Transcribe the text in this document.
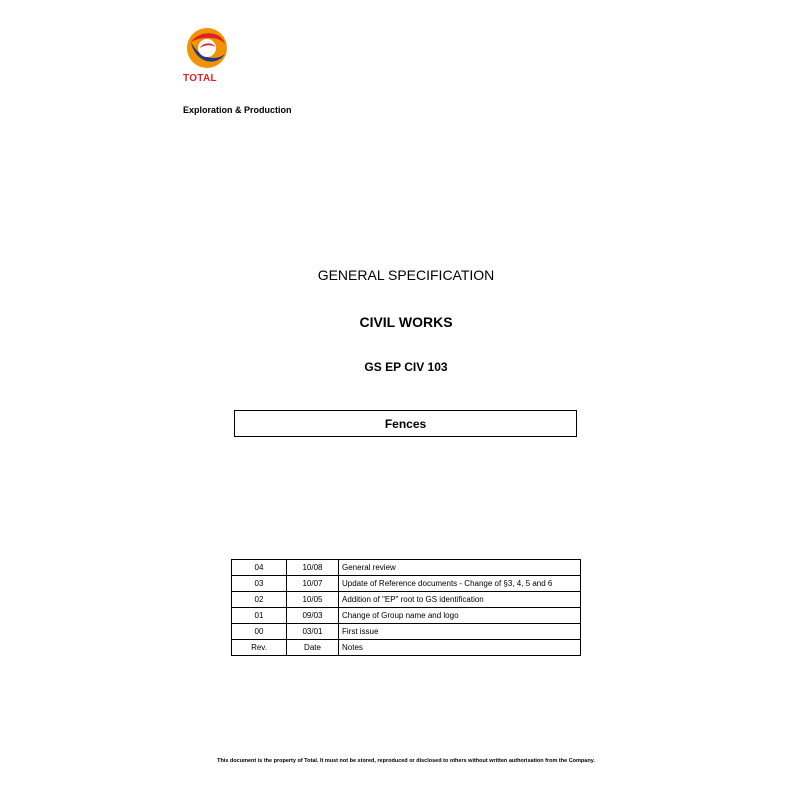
TOTAL
Exploration & Production
GENERAL SPECIFICATION
CIVIL WORKS
GS EP CIV 103
Fences
04	10/08	General review
03	10/07	Update of Reference documents - Change of §3, 4, 5 and 6
02	10/05	Addition of "EP" root to GS identification
01	09/03	Change of Group name and logo
00	03/01	First issue
Rev.	Date	Notes
This document is the property of Total. It must not be stored, reproduced or disclosed to others without written authorisation from the Company.
